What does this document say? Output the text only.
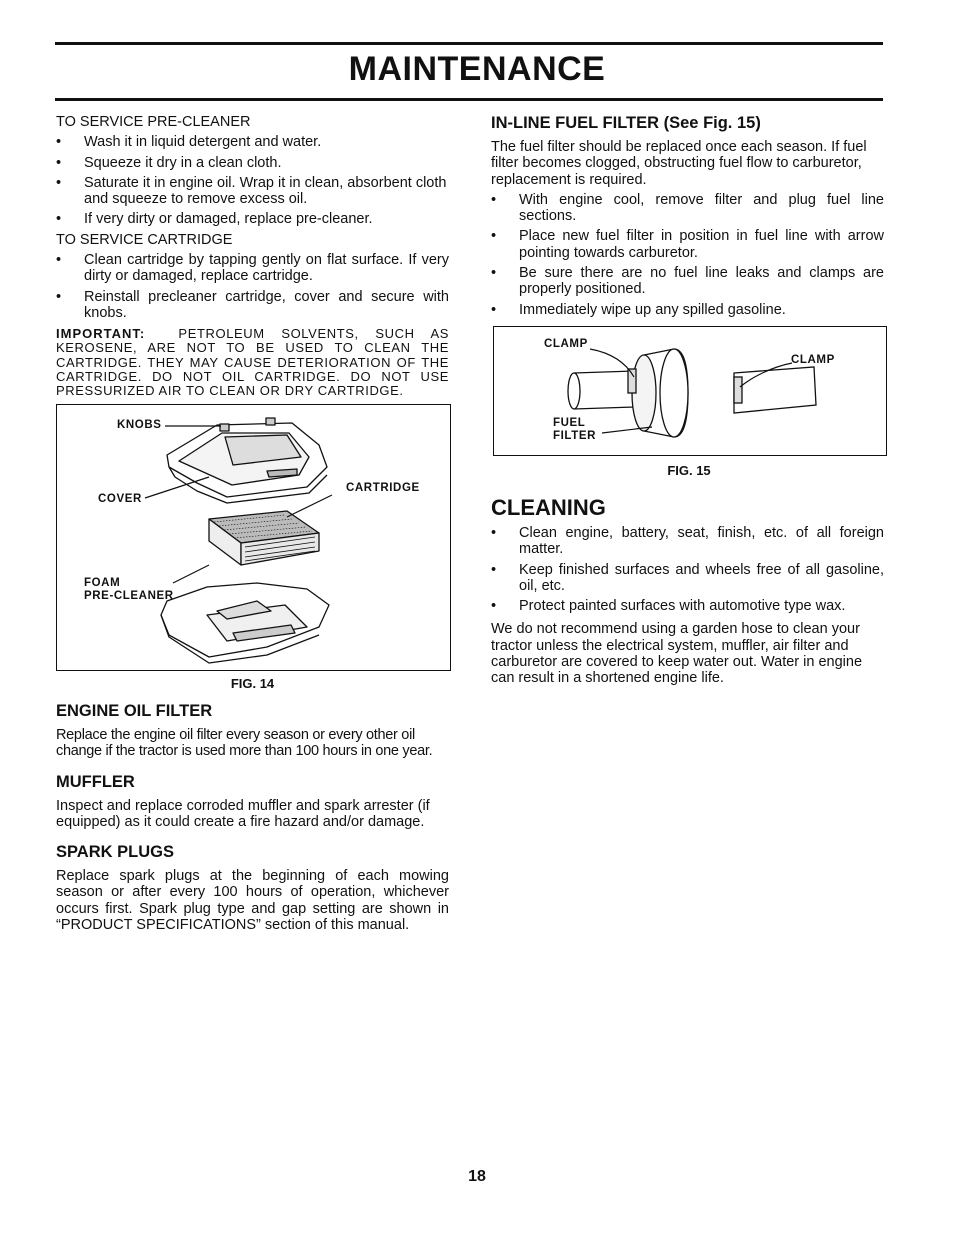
MAINTENANCE

TO SERVICE PRE-CLEANER

• Wash it in liquid detergent and water.
• Squeeze it dry in a clean cloth.
• Saturate it in engine oil. Wrap it in clean, absorbent cloth and squeeze to remove excess oil.
• If very dirty or damaged, replace pre-cleaner.

TO SERVICE CARTRIDGE

• Clean cartridge by tapping gently on flat surface. If very dirty or damaged, replace cartridge.
• Reinstall precleaner cartridge, cover and secure with knobs.

IMPORTANT:	PETROLEUM SOLVENTS, SUCH AS KEROSENE, ARE NOT TO BE USED TO CLEAN THE CARTRIDGE. THEY MAY CAUSE DETERIORATION OF THE CARTRIDGE. DO NOT OIL CARTRIDGE. DO NOT USE PRESSURIZED AIR TO CLEAN OR DRY CARTRIDGE.

KNOBS
COVER
CARTRIDGE
FOAM
PRE-CLEANER
FIG. 14

ENGINE OIL FILTER

Replace the engine oil filter every season or every other oil change if the tractor is used more than 100 hours in one year.

MUFFLER

Inspect and replace corroded muffler and spark arrester (if equipped) as it could create a fire hazard and/or damage.

SPARK PLUGS

Replace spark plugs at the beginning of each mowing season or after every 100 hours of operation, whichever occurs first. Spark plug type and gap setting are shown in “PRODUCT SPECIFICATIONS” section of this manual.

IN-LINE FUEL FILTER (See Fig. 15)

The fuel filter should be replaced once each season. If fuel filter becomes clogged, obstructing fuel flow to carburetor, replacement is required.

• With engine cool, remove filter and plug fuel line sections.
• Place new fuel filter in position in fuel line with arrow pointing towards carburetor.
• Be sure there are no fuel line leaks and clamps are properly positioned.
• Immediately wipe up any spilled gasoline.
CLAMP
CLAMP
FUEL
FILTER
FIG. 15

CLEANING

• Clean engine, battery, seat, finish, etc. of all foreign matter.
• Keep finished surfaces and wheels free of all gasoline, oil, etc.
• Protect painted surfaces with automotive type wax.

We do not recommend using a garden hose to clean your tractor unless the electrical system, muffler, air filter and carburetor are covered to keep water out. Water in engine can result in a shortened engine life.

18
